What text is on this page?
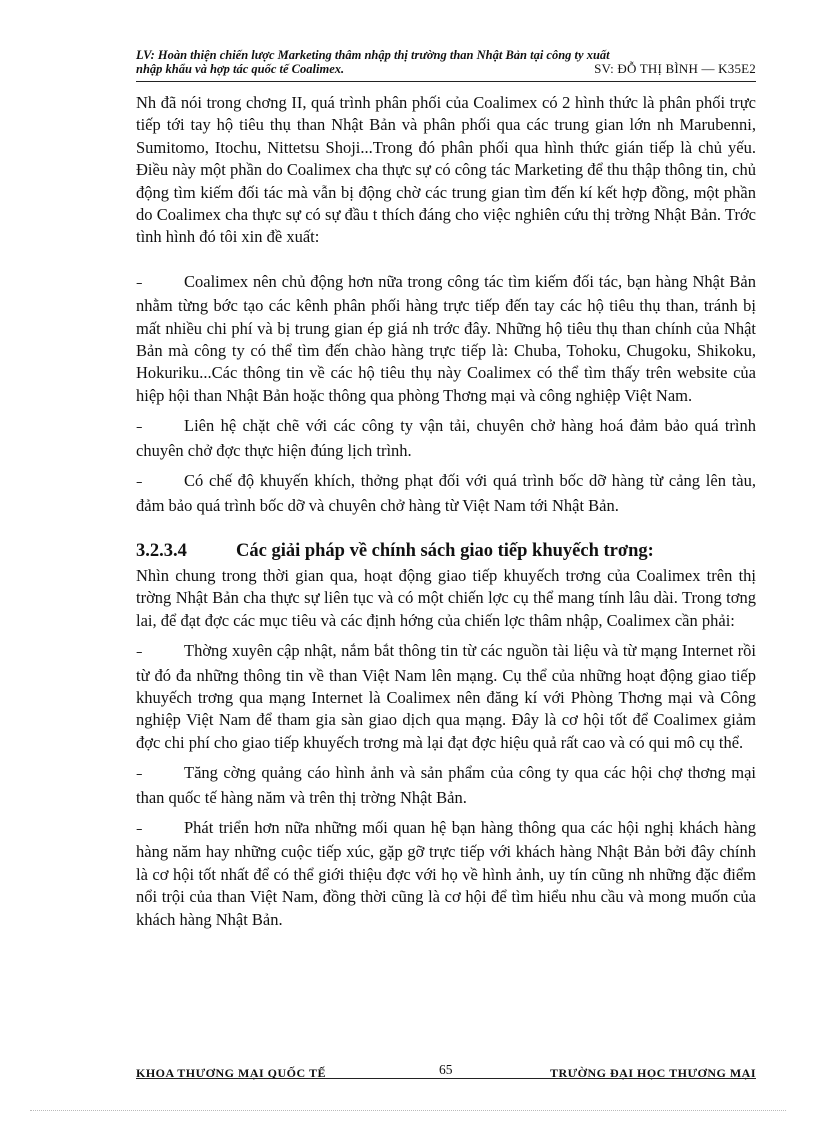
LV: Hoàn thiện chiến lược Marketing thâm nhập thị trường than Nhật Bản tại công ty xuất
nhập khẩu và hợp tác quốc tế Coalimex.	SV: ĐỖ THỊ BÌNH — K35E2

Nh đã nói trong chơng II, quá trình phân phối của Coalimex có 2 hình thức là phân phối trực tiếp tới tay hộ tiêu thụ than Nhật Bản và phân phối qua các trung gian lớn nh Marubenni, Sumitomo, Itochu, Nittetsu Shoji...Trong đó phân phối qua hình thức gián tiếp là chủ yếu. Điều này một phần do Coalimex cha thực sự có công tác Marketing để thu thập thông tin, chủ động tìm kiếm đối tác mà vẫn bị động chờ các trung gian tìm đến kí kết hợp đồng, một phần do Coalimex cha thực sự có sự đầu t thích đáng cho việc nghiên cứu thị trờng Nhật Bản. Trớc tình hình đó tôi xin đề xuất:

–	Coalimex nên chủ động hơn nữa trong công tác tìm kiếm đối tác, bạn hàng Nhật Bản nhằm từng bớc tạo các kênh phân phối hàng trực tiếp đến tay các hộ tiêu thụ than, tránh bị mất nhiều chi phí và bị trung gian ép giá nh trớc đây. Những hộ tiêu thụ than chính của Nhật Bản mà công ty có thể tìm đến chào hàng trực tiếp là: Chuba, Tohoku, Chugoku, Shikoku, Hokuriku...Các thông tin về các hộ tiêu thụ này Coalimex có thể tìm thấy trên website của hiệp hội than Nhật Bản hoặc thông qua phòng Thơng mại và công nghiệp Việt Nam.

–	Liên hệ chặt chẽ với các công ty vận tải, chuyên chở hàng hoá đảm bảo quá trình chuyên chở đợc thực hiện đúng lịch trình.

–	Có chế độ khuyến khích, thởng phạt đối với quá trình bốc dỡ hàng từ cảng lên tàu, đảm bảo quá trình bốc dỡ và chuyên chở hàng từ Việt Nam tới Nhật Bản.

3.2.3.4	Các giải pháp về chính sách giao tiếp khuyếch trơng:

Nhìn chung trong thời gian qua, hoạt động giao tiếp khuyếch trơng của Coalimex trên thị trờng Nhật Bản cha thực sự liên tục và có một chiến lợc cụ thể mang tính lâu dài. Trong tơng lai, để đạt đợc các mục tiêu và các định hớng của chiến lợc thâm nhập, Coalimex cần phải:

–	Thờng xuyên cập nhật, nắm bắt thông tin từ các nguồn tài liệu và từ mạng Internet rồi từ đó đa những thông tin về than Việt Nam lên mạng. Cụ thể của những hoạt động giao tiếp khuyếch trơng qua mạng Internet là Coalimex nên đăng kí với Phòng Thơng mại và Công nghiệp Việt Nam để tham gia sàn giao dịch qua mạng. Đây là cơ hội tốt để Coalimex giảm đợc chi phí cho giao tiếp khuyếch trơng mà lại đạt đợc hiệu quả rất cao và có qui mô cụ thể.

–	Tăng cờng quảng cáo hình ảnh và sản phẩm của công ty qua các hội chợ thơng mại than quốc tế hàng năm và trên thị trờng Nhật Bản.

–	Phát triển hơn nữa những mối quan hệ bạn hàng thông qua các hội nghị khách hàng hàng năm hay những cuộc tiếp xúc, gặp gỡ trực tiếp với khách hàng Nhật Bản bởi đây chính là cơ hội tốt nhất để có thể giới thiệu đợc với họ về hình ảnh, uy tín cũng nh những đặc điểm nổi trội của than Việt Nam, đồng thời cũng là cơ hội để tìm hiểu nhu cầu và mong muốn của khách hàng Nhật Bản.

KHOA THƯƠNG MẠI QUỐC TẾ	65	TRƯỜNG ĐẠI HỌC THƯƠNG MẠI
